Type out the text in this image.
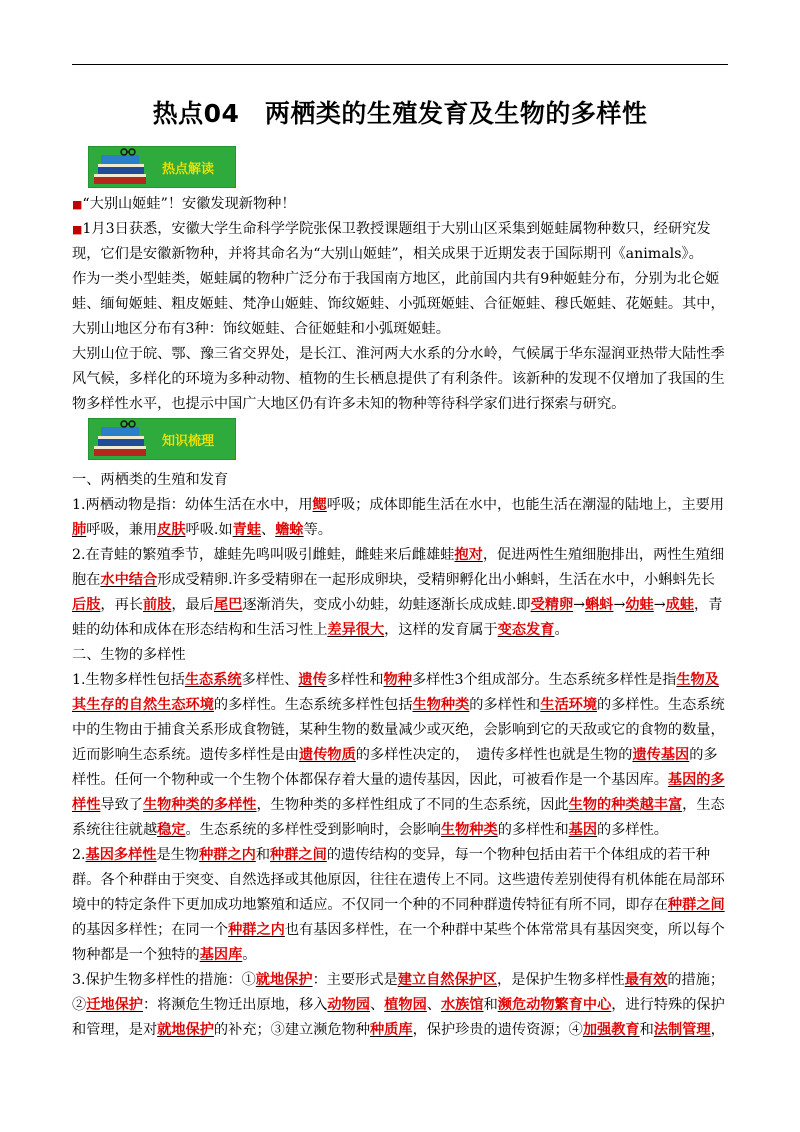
热点04　两栖类的生殖发育及生物的多样性
热点解读

■“大别山姬蛙”！安徽发现新物种！

■1月3日获悉，安徽大学生命科学学院张保卫教授课题组于大别山区采集到姬蛙属物种数只，经研究发现，它们是安徽新物种，并将其命名为“大别山姬蛙”，相关成果于近期发表于国际期刊《animals》。

作为一类小型蛙类，姬蛙属的物种广泛分布于我国南方地区，此前国内共有9种姬蛙分布，分别为北仑姬蛙、缅甸姬蛙、粗皮姬蛙、梵净山姬蛙、饰纹姬蛙、小弧斑姬蛙、合征姬蛙、穆氏姬蛙、花姬蛙。其中，大别山地区分布有3种：饰纹姬蛙、合征姬蛙和小弧斑姬蛙。

大别山位于皖、鄂、豫三省交界处，是长江、淮河两大水系的分水岭，气候属于华东湿润亚热带大陆性季风气候，多样化的环境为多种动物、植物的生长栖息提供了有利条件。该新种的发现不仅增加了我国的生物多样性水平，也提示中国广大地区仍有许多未知的物种等待科学家们进行探索与研究。

知识梳理

一、两栖类的生殖和发育

1.两栖动物是指：幼体生活在水中，用鳃呼吸；成体即能生活在水中，也能生活在潮湿的陆地上，主要用肺呼吸，兼用皮肤呼吸.如青蛙、蟾蜍等。

2.在青蛙的繁殖季节，雄蛙先鸣叫吸引雌蛙，雌蛙来后雌雄蛙抱对，促进两性生殖细胞排出，两性生殖细胞在水中结合形成受精卵.许多受精卵在一起形成卵块，受精卵孵化出小蝌蚪，生活在水中，小蝌蚪先长后肢，再长前肢，最后尾巴逐渐消失，变成小幼蛙，幼蛙逐渐长成成蛙.即受精卵→蝌蚪→幼蛙→成蛙，青蛙的幼体和成体在形态结构和生活习性上差异很大，这样的发育属于变态发育。

二、生物的多样性

1.生物多样性包括生态系统多样性、遗传多样性和物种多样性3个组成部分。生态系统多样性是指生物及其生存的自然生态环境的多样性。生态系统多样性包括生物种类的多样性和生活环境的多样性。生态系统中的生物由于捕食关系形成食物链，某种生物的数量减少或灭绝，会影响到它的天敌或它的食物的数量，近而影响生态系统。遗传多样性是由遗传物质的多样性决定的，　遗传多样性也就是生物的遗传基因的多样性。任何一个物种或一个生物个体都保存着大量的遗传基因，因此，可被看作是一个基因库。基因的多样性导致了生物种类的多样性，生物种类的多样性组成了不同的生态系统，因此生物的种类越丰富，生态系统往往就越稳定。生态系统的多样性受到影响时，会影响生物种类的多样性和基因的多样性。

2.基因多样性是生物种群之内和种群之间的遗传结构的变异，每一个物种包括由若干个体组成的若干种群。各个种群由于突变、自然选择或其他原因，往往在遗传上不同。这些遗传差别使得有机体能在局部环境中的特定条件下更加成功地繁殖和适应。不仅同一个种的不同种群遗传特征有所不同，即存在种群之间的基因多样性；在同一个种群之内也有基因多样性，在一个种群中某些个体常常具有基因突变，所以每个物种都是一个独特的基因库。

3.保护生物多样性的措施：①就地保护：主要形式是建立自然保护区，是保护生物多样性最有效的措施；②迁地保护：将濒危生物迁出原地，移入动物园、植物园、水族馆和濒危动物繁育中心，进行特殊的保护和管理，是对就地保护的补充；③建立濒危物种种质库，保护珍贵的遗传资源；④加强教育和法制管理，
